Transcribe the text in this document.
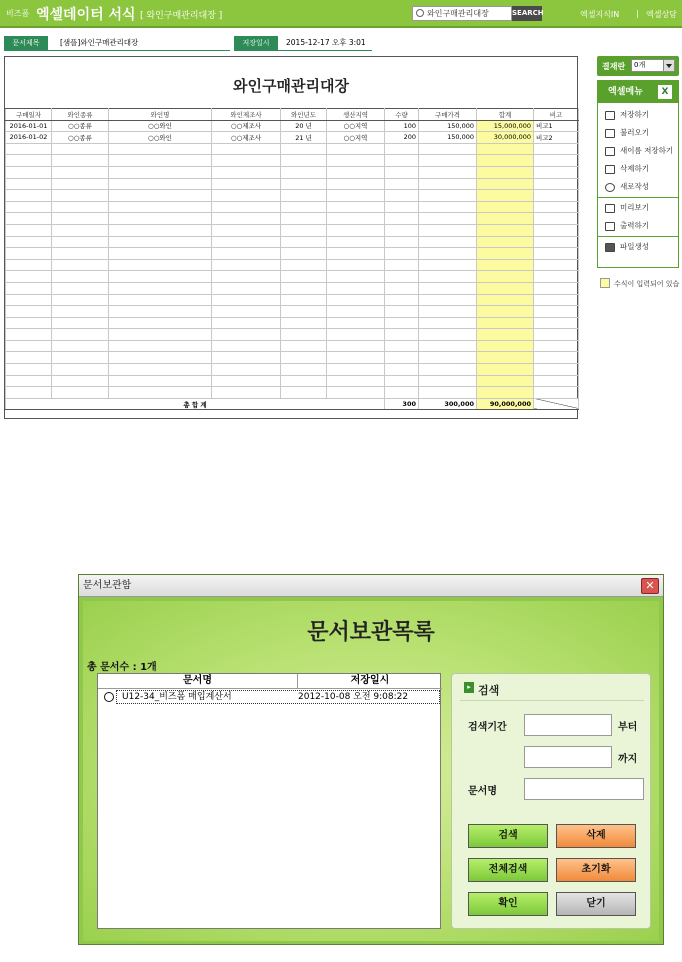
비즈폼 엑셀데이터 서식 [ 와인구매관리대장 ]	와인구매관리대장	SEARCH	엑셀지식IN | 엑셀상담
문서제목	[샘플]와인구매관리대장	저장일시	2015-12-17 오후 3:01
와인구매관리대장
구매일자	와인종류	와인명	와인제조사	와인년도	생산지역	수량	구매가격	합계	비고
2016-01-01	○○종류	○○와인	○○제조사	20 년	○○지역	100	150,000	15,000,000	비고1
2016-01-02	○○종류	○○와인	○○제조사	21 년	○○지역	200	150,000	30,000,000	비고2

총 합 계						300	300,000	90,000,000	
결재란	0개
엑셀메뉴	X
저장하기
불러오기
새이름 저장하기
삭제하기
새로작성
미리보기
출력하기
파일생성
수식이 입력되어 있습
문서보관함	✕
문서보관목록
총 문서수 : 1개
문서명	저장일시
U12-34_비즈폼 매입계산서	2012-10-08 오전 9:08:22
▸ 검색
검색기간	부터
까지
문서명
검색	삭제
전체검색	초기화
확인	닫기
